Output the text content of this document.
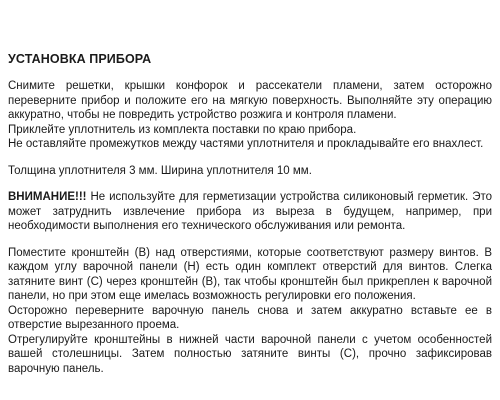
УСТАНОВКА ПРИБОРА

Снимите решетки, крышки конфорок и рассекатели пламени, затем осторожно переверните прибор и положите его на мягкую поверхность. Выполняйте эту операцию аккуратно, чтобы не повредить устройство розжига и контроля пламени.

Приклейте уплотнитель из комплекта поставки по краю прибора.

Не оставляйте промежутков между частями уплотнителя и прокладывайте его внахлест.

Толщина уплотнителя 3 мм. Ширина уплотнителя 10 мм.

ВНИМАНИЕ!!! Не используйте для герметизации устройства силиконовый герметик. Это может затруднить извлечение прибора из выреза в будущем, например, при необходимости выполнения его технического обслуживания или ремонта.

Поместите кронштейн (В) над отверстиями, которые соответствуют размеру винтов. В каждом углу варочной панели (Н) есть один комплект отверстий для винтов. Слегка затяните винт (С) через кронштейн (В), так чтобы кронштейн был прикреплен к варочной панели, но при этом еще имелась возможность регулировки его положения.

Осторожно переверните варочную панель снова и затем аккуратно вставьте ее в отверстие вырезанного проема.

Отрегулируйте кронштейны в нижней части варочной панели с учетом особенностей вашей столешницы. Затем полностью затяните винты (С), прочно зафиксировав варочную панель.
